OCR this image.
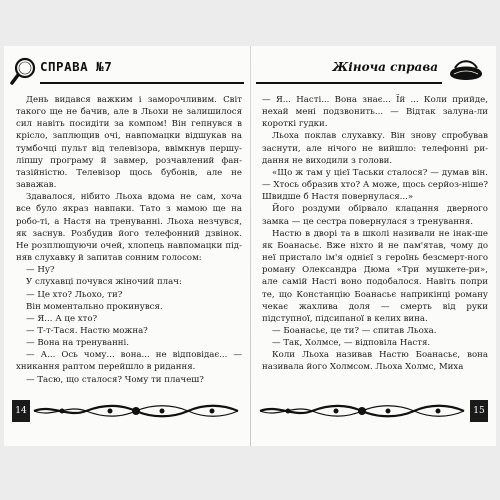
СПРАВА №7

День видався важким і заморочливим. Світ такого ще не бачив, але в Льохи не залишилося сил навіть посидіти за компом! Він гепнувся в крісло, заплющив очі, навпомацки відшукав на тумбочці пульт від телевізора, ввімкнув першу-ліпшу програму й завмер, розчавлений фан-тазійністю. Телевізор щось бубонів, але не заважав.

Здавалося, нібито Льоха вдома не сам, хоча все було якраз навпаки. Тато з мамою ще на робо-ті, а Настя на тренуванні. Льоха незчувся, як заснув. Розбудив його телефонний дзвінок. Не розплющуючи очей, хлопець навпомацки під-няв слухавку й запитав сонним голосом:

— Ну?

У слухавці почувся жіночий плач:

— Це хто? Льохо, ти?

Він моментально прокинувся.

— Я... А це хто?

— Т-т-Тася. Настю можна?

— Вона на тренуванні.

— А... Ось чому... вона... не відповідає... — хникання раптом перейшло в ридання.

— Тасю, що сталося? Чому ти плачеш?

14
Жіноча справа

— Я... Насті... Вона знає... Їй ... Коли прийде, нехай мені подзвонить... — Відтак залуна-ли короткі гудки.

Льоха поклав слухавку. Він знову спробував заснути, але нічого не вийшло: телефонні ри-дання не виходили з голови.

«Що ж там у цієї Таськи сталося? — думав він. — Хтось образив хто? А може, щось серйоз-ніше? Швидше б Настя повернулася...»

Його роздуми обірвало клацання дверного замка — це сестра повернулася з тренування.

Настю в дворі та в школі називали не інак-ше як Боанасьє. Вже ніхто й не пам'ятав, чому до неї пристало ім'я однієї з героїнь безсмерт-ного роману Олександра Дюма «Три мушкете-ри», але самій Насті воно подобалося. Навіть попри те, що Констанцію Боанасьє наприкінці роману чекає жахлива доля — смерть від руки підступної, підсипаної в келих вина.

— Боанасьє, це ти? — спитав Льоха.

— Так, Холмсе, — відповіла Настя.

Коли Льоха називав Настю Боанасьє, вона називала його Холмсом. Льоха Холмс, Миха

15
